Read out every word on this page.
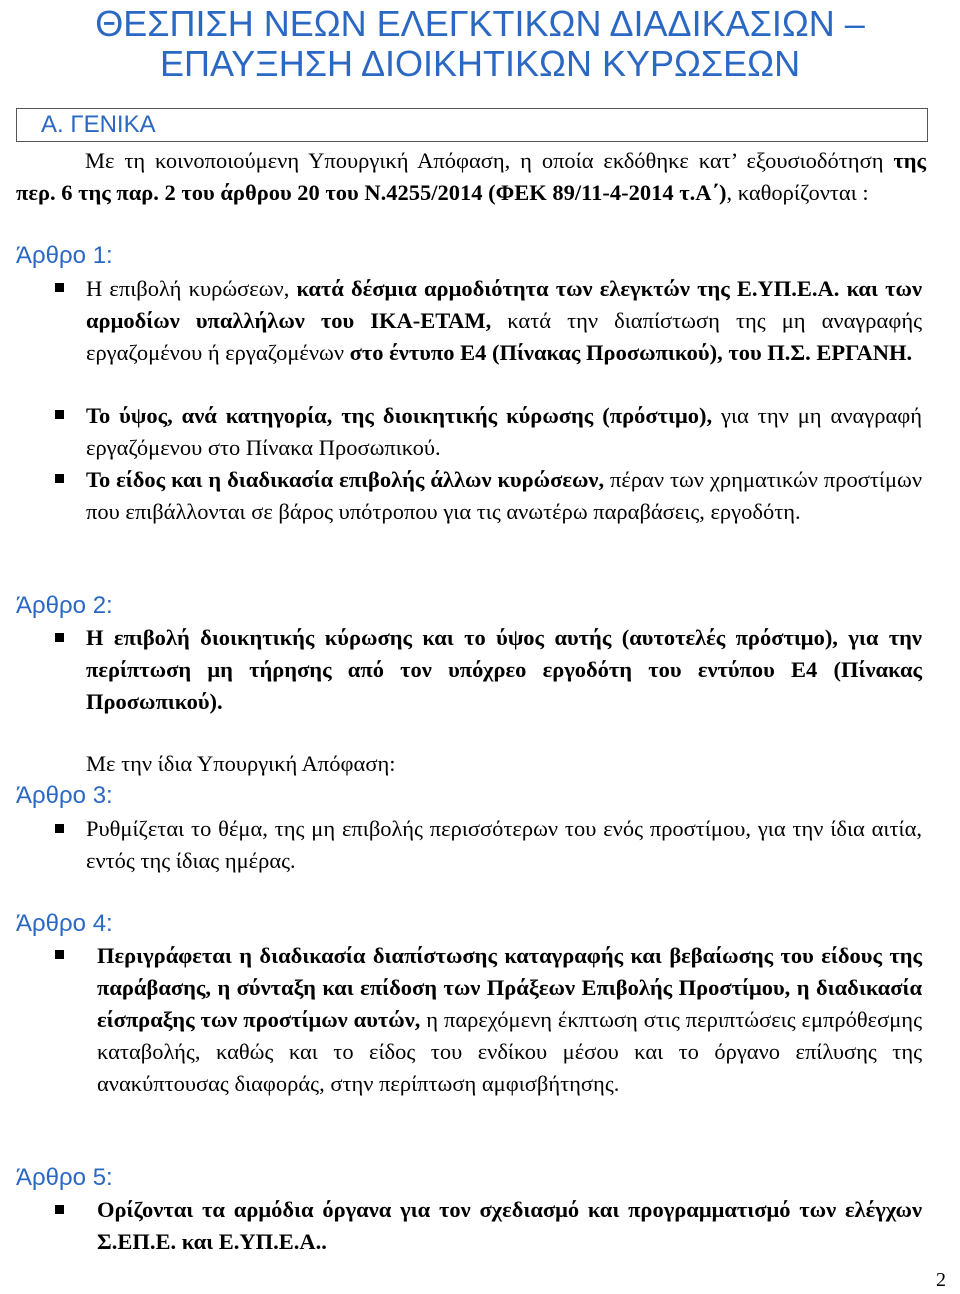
ΘΕΣΠΙΣΗ ΝΕΩΝ ΕΛΕΓΚΤΙΚΩΝ ΔΙΑΔΙΚΑΣΙΩΝ –
ΕΠΑΥΞΗΣΗ ΔΙΟΙΚΗΤΙΚΩΝ ΚΥΡΩΣΕΩΝ
Α. ΓΕΝΙΚΑ
Με τη κοινοποιούμενη Υπουργική Απόφαση, η οποία εκδόθηκε κατ’ εξουσιοδότηση της περ. 6 της παρ. 2 του άρθρου 20 του Ν.4255/2014 (ΦΕΚ 89/11-4-2014 τ.Α΄), καθορίζονται :
Άρθρο 1:
Η επιβολή κυρώσεων, κατά δέσμια αρμοδιότητα των ελεγκτών της Ε.ΥΠ.Ε.Α. και των αρμοδίων υπαλλήλων του ΙΚΑ-ΕΤΑΜ, κατά την διαπίστωση της μη αναγραφής εργαζομένου ή εργαζομένων στο έντυπο Ε4 (Πίνακας Προσωπικού), του Π.Σ. ΕΡΓΑΝΗ.
Το ύψος, ανά κατηγορία, της διοικητικής κύρωσης (πρόστιμο), για την μη αναγραφή εργαζόμενου στο Πίνακα Προσωπικού.
Το είδος και η διαδικασία επιβολής άλλων κυρώσεων, πέραν των χρηματικών προστίμων που επιβάλλονται σε βάρος υπότροπου για τις ανωτέρω παραβάσεις, εργοδότη.
Άρθρο 2:
Η επιβολή διοικητικής κύρωσης και το ύψος αυτής (αυτοτελές πρόστιμο), για την περίπτωση μη τήρησης από τον υπόχρεο εργοδότη του εντύπου Ε4 (Πίνακας Προσωπικού).
Με την ίδια Υπουργική Απόφαση:
Άρθρο 3:
Ρυθμίζεται το θέμα, της μη επιβολής περισσότερων του ενός προστίμου, για την ίδια αιτία, εντός της ίδιας ημέρας.
Άρθρο 4:
Περιγράφεται η διαδικασία διαπίστωσης καταγραφής και βεβαίωσης του είδους της παράβασης, η σύνταξη και επίδοση των Πράξεων Επιβολής Προστίμου, η διαδικασία είσπραξης των προστίμων αυτών, η παρεχόμενη έκπτωση στις περιπτώσεις εμπρόθεσμης καταβολής, καθώς και το είδος του ενδίκου μέσου και το όργανο επίλυσης της ανακύπτουσας διαφοράς, στην περίπτωση αμφισβήτησης.
Άρθρο 5:
Ορίζονται τα αρμόδια όργανα για τον σχεδιασμό και προγραμματισμό των ελέγχων Σ.ΕΠ.Ε. και Ε.ΥΠ.Ε.Α..
2
